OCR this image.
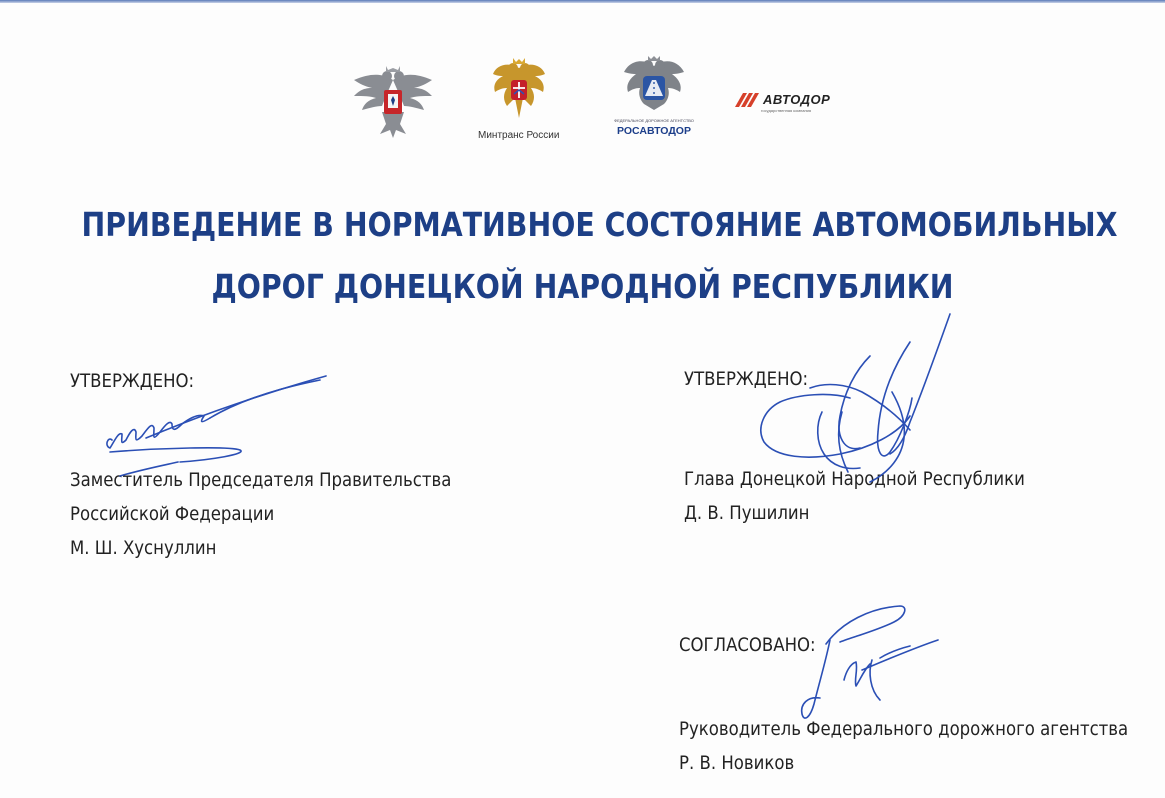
Минтранс России
ФЕДЕРАЛЬНОЕ ДОРОЖНОЕ АГЕНТСТВО
РОСАВТОДОР
АВТОДОР
государственная компания
ПРИВЕДЕНИЕ В НОРМАТИВНОЕ СОСТОЯНИЕ АВТОМОБИЛЬНЫХ
ДОРОГ ДОНЕЦКОЙ НАРОДНОЙ РЕСПУБЛИКИ
УТВЕРЖДЕНО:
Заместитель Председателя Правительства
Российской Федерации
М. Ш. Хуснуллин
УТВЕРЖДЕНО:
Глава Донецкой Народной Республики
Д. В. Пушилин
СОГЛАСОВАНО:
Руководитель Федерального дорожного агентства
Р. В. Новиков
